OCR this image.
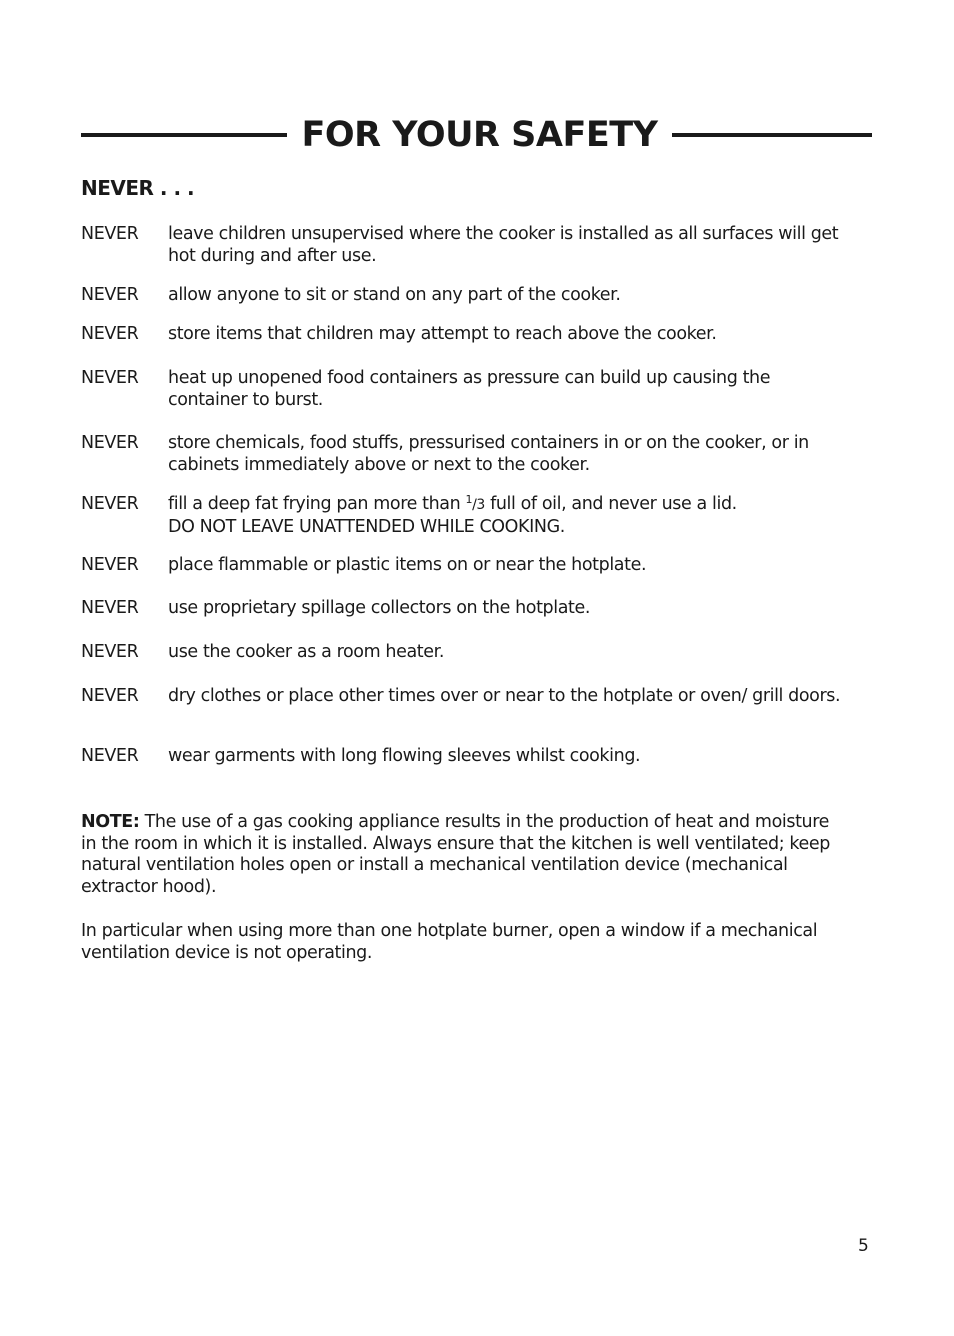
FOR YOUR SAFETY
NEVER . . .
NEVER leave children unsupervised where the cooker is installed as all surfaces will get hot during and after use.
NEVER allow anyone to sit or stand on any part of the cooker.
NEVER store items that children may attempt to reach above the cooker.
NEVER heat up unopened food containers as pressure can build up causing the container to burst.
NEVER store chemicals, food stuffs, pressurised containers in or on the cooker, or in cabinets immediately above or next to the cooker.
NEVER fill a deep fat frying pan more than $^1$/3 full of oil, and never use a lid.
DO NOT LEAVE UNATTENDED WHILE COOKING.
NEVER place flammable or plastic items on or near the hotplate.
NEVER use proprietary spillage collectors on the hotplate.
NEVER use the cooker as a room heater.
NEVER dry clothes or place other times over or near to the hotplate or oven/ grill doors.
NEVER wear garments with long flowing sleeves whilst cooking.
NOTE: The use of a gas cooking appliance results in the production of heat and moisture in the room in which it is installed. Always ensure that the kitchen is well ventilated; keep natural ventilation holes open or install a mechanical ventilation device (mechanical extractor hood).
In particular when using more than one hotplate burner, open a window if a mechanical ventilation device is not operating.
5
